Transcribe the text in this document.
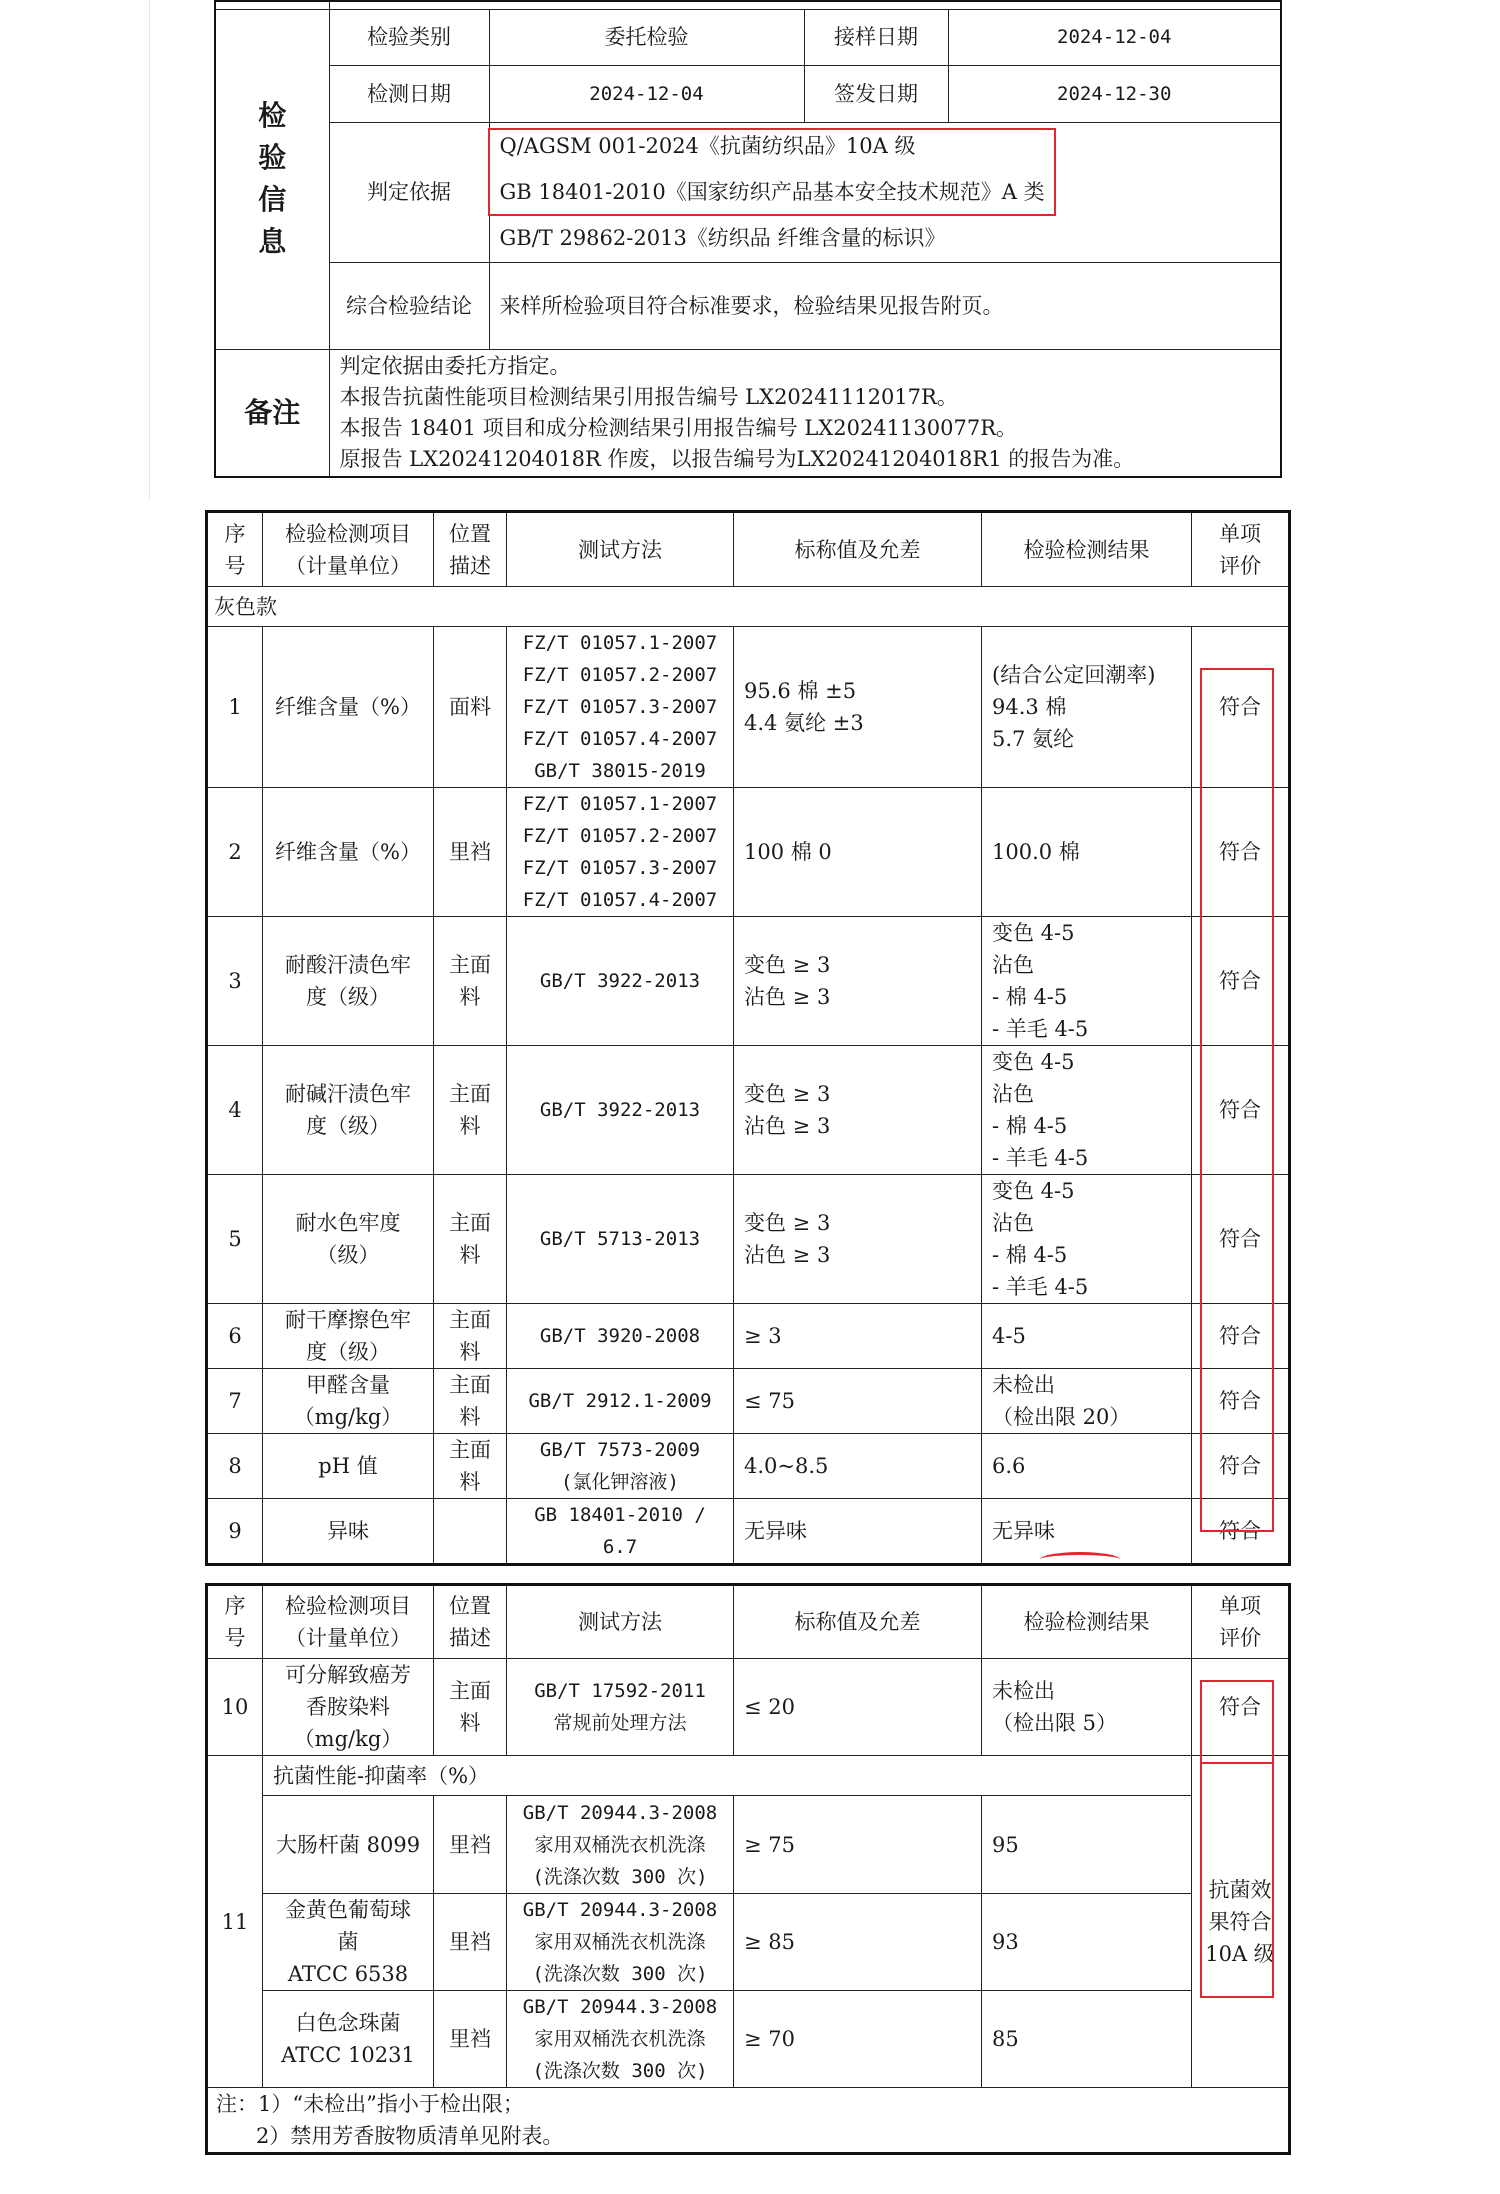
检
验
信
息	检验类别	委托检验	接样日期	2024-12-04
	检测日期	2024-12-04	签发日期	2024-12-30
	判定依据	Q/AGSM 001-2024《抗菌纺织品》10A 级
GB 18401-2010《国家纺织产品基本安全技术规范》A 类
GB/T 29862-2013《纺织品 纤维含量的标识》		

	综合检验结论	来样所检验项目符合标准要求，检验结果见报告附页。		
备注	判定依据由委托方指定。
本报告抗菌性能项目检测结果引用报告编号 LX20241112017R。
本报告 18401 项目和成分检测结果引用报告编号 LX20241130077R。
原报告 LX20241204018R 作废，以报告编号为LX20241204018R1 的报告为准。			
序
号	检验检测项目
（计量单位）	位置
描述	测试方法	标称值及允差	检验检测结果	单项
评价

灰色款						
1	纤维含量（%）	面料	FZ/T 01057.1-2007
FZ/T 01057.2-2007
FZ/T 01057.3-2007
FZ/T 01057.4-2007
GB/T 38015-2019	95.6 棉 ±5
4.4 氨纶 ±3	(结合公定回潮率)
94.3 棉
5.7 氨纶	符合
2	纤维含量（%）	里裆	FZ/T 01057.1-2007
FZ/T 01057.2-2007
FZ/T 01057.3-2007
FZ/T 01057.4-2007	100 棉 0	100.0 棉	符合
3	耐酸汗渍色牢
度（级）	主面
料	GB/T 3922-2013	变色 ≥ 3
沾色 ≥ 3	变色 4-5
沾色
- 棉 4-5
- 羊毛 4-5	符合
4	耐碱汗渍色牢
度（级）	主面
料	GB/T 3922-2013	变色 ≥ 3
沾色 ≥ 3	变色 4-5
沾色
- 棉 4-5
- 羊毛 4-5	符合
5	耐水色牢度
（级）	主面
料	GB/T 5713-2013	变色 ≥ 3
沾色 ≥ 3	变色 4-5
沾色
- 棉 4-5
- 羊毛 4-5	符合
6	耐干摩擦色牢
度（级）	主面
料	GB/T 3920-2008	≥ 3	4-5	符合
7	甲醛含量
（mg/kg）	主面
料	GB/T 2912.1-2009	≤ 75	未检出
（检出限 20）	符合
8	pH 值	主面
料	GB/T 7573-2009
(氯化钾溶液)	4.0~8.5	6.6	符合
9	异味		GB 18401-2010 /
6.7	无异味	无异味	符合
序
号	检验检测项目
（计量单位）	位置
描述	测试方法	标称值及允差	检验检测结果	单项
评价

10	可分解致癌芳
香胺染料
（mg/kg）	主面
料	GB/T 17592-2011
常规前处理方法	≤ 20	未检出
（检出限 5）	符合
11	抗菌性能-抑菌率（%）					抗菌效
果符合
10A 级

	大肠杆菌 8099	里裆	GB/T 20944.3-2008
家用双桶洗衣机洗涤
(洗涤次数 300 次)	≥ 75	95	

	金黄色葡萄球
菌
ATCC 6538	里裆	GB/T 20944.3-2008
家用双桶洗衣机洗涤
(洗涤次数 300 次)	≥ 85	93	

	白色念珠菌
ATCC 10231	里裆	GB/T 20944.3-2008
家用双桶洗衣机洗涤
(洗涤次数 300 次)	≥ 70	85	

注：1）“未检出”指小于检出限；
2）禁用芳香胺物质清单见附表。						
